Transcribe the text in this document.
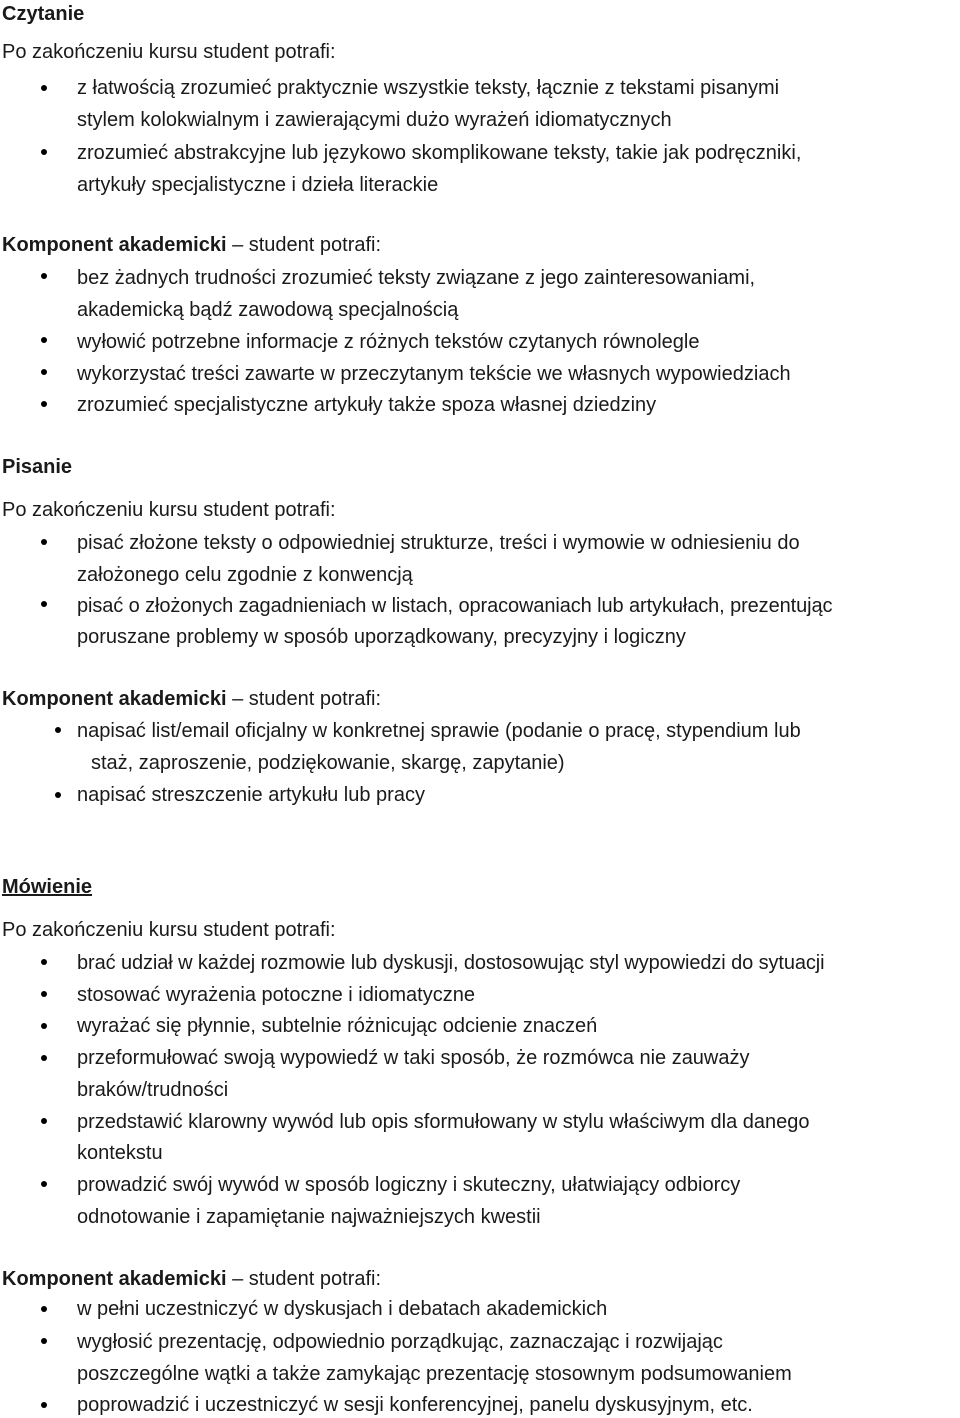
Czytanie
Po zakończeniu kursu student potrafi:
z łatwością zrozumieć praktycznie wszystkie teksty, łącznie z tekstami pisanymi
stylem kolokwialnym i zawierającymi dużo wyrażeń idiomatycznych
zrozumieć abstrakcyjne lub językowo skomplikowane teksty, takie jak podręczniki,
artykuły specjalistyczne i dzieła literackie
Komponent akademicki – student potrafi:
bez żadnych trudności zrozumieć teksty związane z jego zainteresowaniami,
akademicką bądź zawodową specjalnością
wyłowić potrzebne informacje z różnych tekstów czytanych równolegle
wykorzystać treści zawarte w przeczytanym tekście we własnych wypowiedziach
zrozumieć specjalistyczne artykuły także spoza własnej dziedziny
Pisanie
Po zakończeniu kursu student potrafi:
pisać złożone teksty o odpowiedniej strukturze, treści i wymowie w odniesieniu do
założonego celu zgodnie z konwencją
pisać o złożonych zagadnieniach w listach, opracowaniach lub artykułach, prezentując
poruszane problemy w sposób uporządkowany, precyzyjny i logiczny
Komponent akademicki – student potrafi:
napisać list/email oficjalny w konkretnej sprawie (podanie o pracę, stypendium lub
staż, zaproszenie, podziękowanie, skargę, zapytanie)
napisać streszczenie artykułu lub pracy
Mówienie
Po zakończeniu kursu student potrafi:
brać udział w każdej rozmowie lub dyskusji, dostosowując styl wypowiedzi do sytuacji
stosować wyrażenia potoczne i idiomatyczne
wyrażać się płynnie, subtelnie różnicując odcienie znaczeń
przeformułować swoją wypowiedź w taki sposób, że rozmówca nie zauważy
braków/trudności
przedstawić klarowny wywód lub opis sformułowany w stylu właściwym dla danego
kontekstu
prowadzić swój wywód w sposób logiczny i skuteczny, ułatwiający odbiorcy
odnotowanie i zapamiętanie najważniejszych kwestii
Komponent akademicki – student potrafi:
w pełni uczestniczyć w dyskusjach i debatach akademickich
wygłosić prezentację, odpowiednio porządkując, zaznaczając i rozwijając
poszczególne wątki a także zamykając prezentację stosownym podsumowaniem
poprowadzić i uczestniczyć w sesji konferencyjnej, panelu dyskusyjnym, etc.
